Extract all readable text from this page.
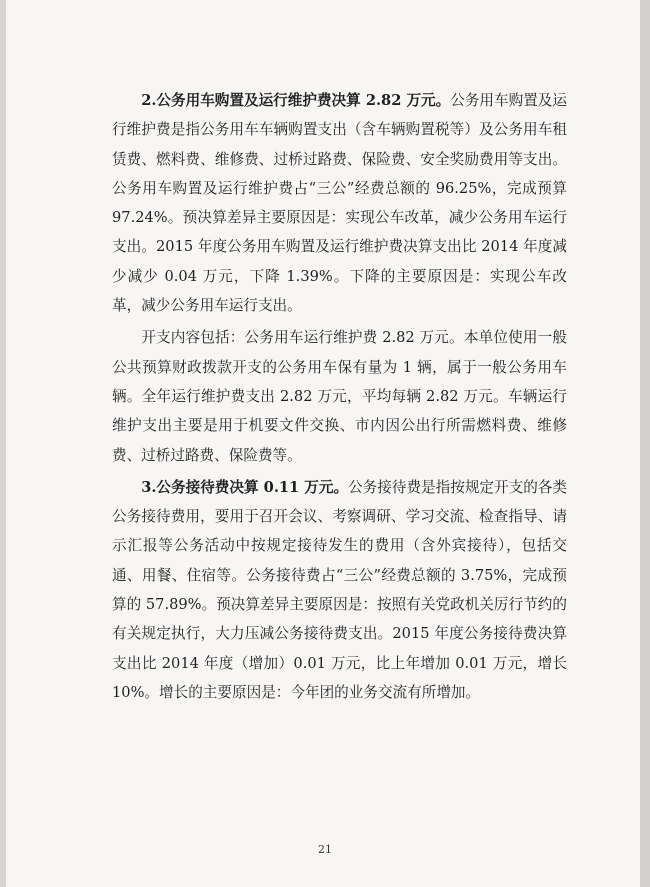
2.公务用车购置及运行维护费决算 2.82 万元。公务用车购置及运行维护费是指公务用车车辆购置支出（含车辆购置税等）及公务用车租赁费、燃料费、维修费、过桥过路费、保险费、安全奖励费用等支出。公务用车购置及运行维护费占“三公”经费总额的 96.25%，完成预算 97.24%。预决算差异主要原因是：实现公车改革，减少公务用车运行支出。2015 年度公务用车购置及运行维护费决算支出比 2014 年度减少减少 0.04 万元，下降 1.39%。下降的主要原因是：实现公车改革，减少公务用车运行支出。

开支内容包括：公务用车运行维护费 2.82 万元。本单位使用一般公共预算财政拨款开支的公务用车保有量为 1 辆，属于一般公务用车辆。全年运行维护费支出 2.82 万元，平均每辆 2.82 万元。车辆运行维护支出主要是用于机要文件交换、市内因公出行所需燃料费、维修费、过桥过路费、保险费等。

3.公务接待费决算 0.11 万元。公务接待费是指按规定开支的各类公务接待费用，要用于召开会议、考察调研、学习交流、检查指导、请示汇报等公务活动中按规定接待发生的费用（含外宾接待），包括交通、用餐、住宿等。公务接待费占“三公”经费总额的 3.75%，完成预算的 57.89%。预决算差异主要原因是：按照有关党政机关厉行节约的有关规定执行，大力压减公务接待费支出。2015 年度公务接待费决算支出比 2014 年度（增加）0.01 万元，比上年增加 0.01 万元，增长 10%。增长的主要原因是：今年团的业务交流有所增加。

21
